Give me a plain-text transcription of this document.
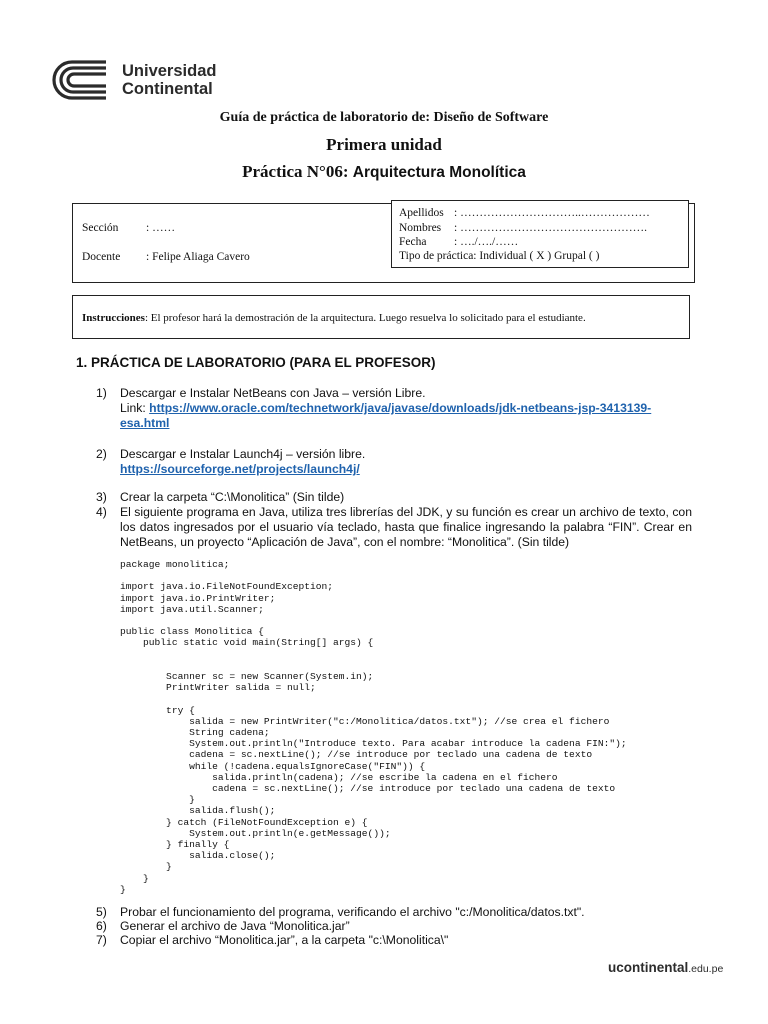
Universidad
Continental
Guía de práctica de laboratorio de: Diseño de Software
Primera unidad
Práctica N°06: Arquitectura Monolítica
Sección : ……
Docente : Felipe Aliaga Cavero
Apellidos : …………………………..………………
Nombres : ………………………………………….
Fecha : …./…./……
Tipo de práctica: Individual ( X ) Grupal ( )
Instrucciones: El profesor hará la demostración de la arquitectura. Luego resuelva lo solicitado para el estudiante.
1. PRÁCTICA DE LABORATORIO (PARA EL PROFESOR)
1) Descargar e Instalar NetBeans con Java – versión Libre.
Link: https://www.oracle.com/technetwork/java/javase/downloads/jdk-netbeans-jsp-3413139-
esa.html
2) Descargar e Instalar Launch4j – versión libre.
https://sourceforge.net/projects/launch4j/
3) Crear la carpeta “C:\Monolitica” (Sin tilde)
4) El siguiente programa en Java, utiliza tres librerías del JDK, y su función es crear un archivo de texto, con los datos ingresados por el usuario vía teclado, hasta que finalice ingresando la palabra “FIN”. Crear en NetBeans, un proyecto “Aplicación de Java”, con el nombre: “Monolitica”. (Sin tilde)
package monolitica;

import java.io.FileNotFoundException;
import java.io.PrintWriter;
import java.util.Scanner;

public class Monolitica {
public static void main(String[] args) {

Scanner sc = new Scanner(System.in);
PrintWriter salida = null;

try {
salida = new PrintWriter("c:/Monolitica/datos.txt"); //se crea el fichero
String cadena;
System.out.println("Introduce texto. Para acabar introduce la cadena FIN:");
cadena = sc.nextLine(); //se introduce por teclado una cadena de texto
while (!cadena.equalsIgnoreCase("FIN")) {
salida.println(cadena); //se escribe la cadena en el fichero
cadena = sc.nextLine(); //se introduce por teclado una cadena de texto
}
salida.flush();
} catch (FileNotFoundException e) {
System.out.println(e.getMessage());
} finally {
salida.close();
}
}
}
5) Probar el funcionamiento del programa, verificando el archivo "c:/Monolitica/datos.txt".
6) Generar el archivo de Java “Monolitica.jar”
7) Copiar el archivo “Monolitica.jar”, a la carpeta "c:\Monolitica\"
ucontinental.edu.pe
